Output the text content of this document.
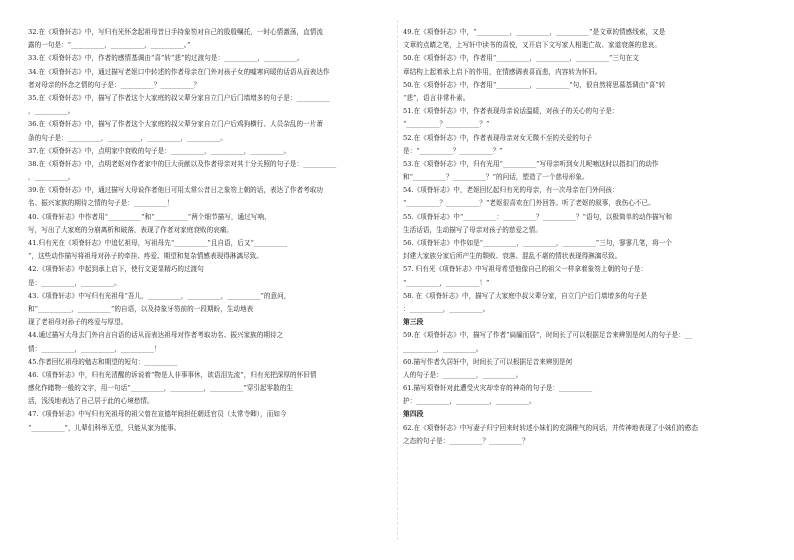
32.在《项脊轩志》中，写归有光怀念起祖母昔日手持象笏对自己的殷殷嘱托，一时心情激荡，直情流
露的一句是：“__________，__________，__________。”
33.在《项脊轩志》中，作者的感情基调由“喜”转“悲”的过渡句是：__________，__________。
34.在《项脊轩志》中，通过描写老妪口中转述的作者母亲在门外对孩子女的嘘寒问暖的话语从而表达作
者对母亲的怀念之情的句子是：__________？__________？
35.在《项脊轩志》中，描写了作者这个大家庭的叔父辈分家自立门户后门墙增多的句子是：__________
，__________。
36.在《项脊轩志》中，描写了作者这个大家庭的叔父辈分家自立门户后鸡狗横行、人员杂乱的一片萧
条的句子是：__________，__________，__________，__________。
37.在《项脊轩志》中，点明家中衰败的句子是：__________，__________，__________。
38.在《项脊轩志》中，点明老妪对作者家中的巨大贡献以及作者母亲对其十分关照的句子是：__________
，__________。
39.在《项脊轩志》中，通过描写大母说作者他日可用太常公昔日之象笏上朝的话，表达了作者考取功
名、振兴家族的期待之情的句子是：__________！
40.《项脊轩志》中作者用“__________”和“__________”两个细节描写，通过写响、
写，写出了大家庭的分崩离析和破落，表现了作者对家庭衰败的哀痛。
41.归有光在《项脊轩志》中追忆祖母，写祖母先“__________”且自语，后又“__________
”，这些动作描写将祖母对孙子的牵挂、疼爱、期望和复杂情感表现得淋漓尽致。
42.《项脊轩志》中起到承上启下，使行文更显精巧的过渡句
是：__________，__________。
43.《项脊轩志》中写归有光祖母“吾儿，__________，__________，__________”的意问，
和“__________，__________”的自语，以及持象牙笏前的一段期盼，生动地表
现了老祖母对孙子的疼爱与厚望。
44.通过描写大母去门外自言自语的话从而表达祖母对作者考取功名、振兴家族的期待之
情：__________，__________，__________！
45.作者回忆祖母的勉志和期望的短句：__________
46.《项脊轩志》中，归有光清醒的诉说着“物是人非事事休，欲语泪先流”，归有光把深厚的怀旧情
感化作睹物一般的文字，用一句话“__________，__________，__________”穿引起零散的生
活，浅浅地表达了自己居于此的心境愁情。
47.《项脊轩志》中写归有光祖母的祖父曾在宣德年间担任朝廷官员（太常寺卿），而如今
“__________”，儿辈们科举无望，只能从家为能事。
49.在《项脊轩志》中，“__________，__________，__________”是文章的情感线索，又是
文章的点睛之笔，上写轩中读书的喜悦，又开启下文写家人相逝亡故、家道衰落的悲哀。
50.在《项脊轩志》中，作者用“__________，__________，__________”三句在文
章结构上起着承上启下的作用，在情感调表喜而悲，内容转为怀旧。
50.在《项脊轩志》中，作者用“__________，__________”句，很自然将思慕基调由“喜”转
“悲”，语言非常朴素。
51.在《项脊轩志》中，作者表现母亲说话温暖，对孩子的关心的句子是：
“__________？__________？”
52.在《项脊轩志》中，作者表现母亲对女无微不至的关爱的句子
是：“__________？__________？”
53.在《项脊轩志》中，归有光用“__________”写母亲听到女儿呢喃这时以指扣门的动作
和“__________？__________？”的问话，塑造了一个慈母形象。
54.《项脊轩志》中，老妪回忆起归有光的母亲，有一次母亲在门外问孩：
“__________？__________？”老妪很喜欢在门外回答。听了老妪的叙事，我伤心不已。
55.《项脊轩志》中“__________：__________？__________？”语句，以极简单的动作描写和
生活话语，生动描写了母亲对孩子的慈爱之情。
56.《项脊轩志》中作如是“__________，__________，__________”三句，寥寥几笔，将一个
封建大家族分家后所产生的颓败、衰落、混乱不堪的情状表现得淋漓尽致。
57. 归有光《项脊轩志》中写祖母希望他像自己的祖父一样拿着象笏上朝的句子是：
“__________，__________！”
58. 在《项脊轩志》中，描写了大家庭中叔父辈分家，自立门户后门墙增多的句子是
：__________，__________。
第三段
59.在《项脊轩志》中，描写了作者“扃牖而居”，时间长了可以根据足音来辨别是何人的句子是：__
__________，__________。
60.描写作者久居轩中，时间长了可以根据足音来辨别是何
人的句子是：__________，__________。
61.描写项脊轩对此遭受火灾却幸存的神奇的句子是：__________
护：__________，__________，__________。
第四段
62.在《项脊轩志》中写妻子归宁回来时转述小妹们的充满稚气的问话，并传神地表现了小妹们的憨态
之态的句子是：__________？__________？
